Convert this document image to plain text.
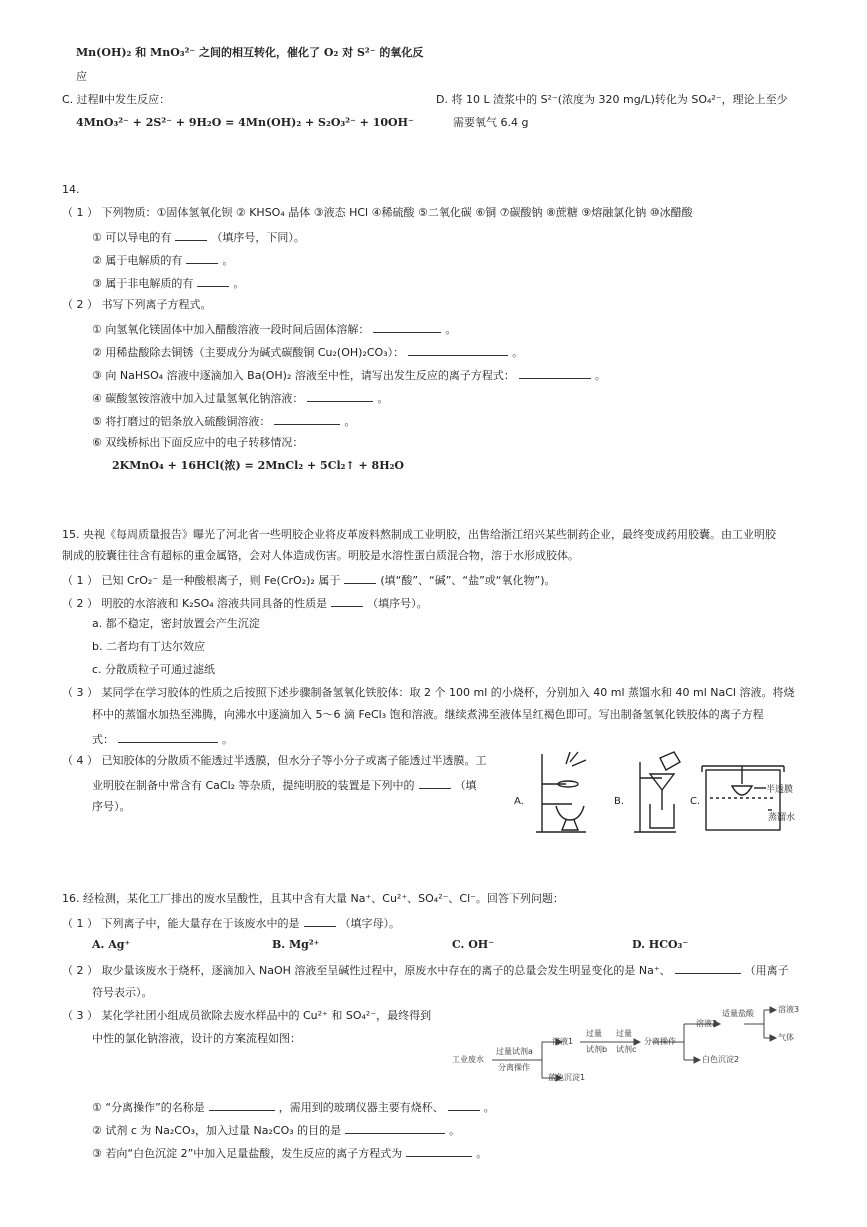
Mn(OH)₂ 和 MnO₃²⁻ 之间的相互转化，催化了 O₂ 对 S²⁻ 的氧化反
应
C. 过程Ⅱ中发生反应：
4MnO₃²⁻ + 2S²⁻ + 9H₂O = 4Mn(OH)₂ + S₂O₃²⁻ + 10OH⁻
D. 将 10 L 渣浆中的 S²⁻(浓度为 320 mg/L)转化为 SO₄²⁻，理论上至少
需要氧气 6.4 g
14.
（ 1 ） 下列物质：①固体氢氧化钡 ② KHSO₄ 晶体 ③液态 HCl ④稀硫酸 ⑤二氧化碳 ⑥铜 ⑦碳酸钠 ⑧蔗糖 ⑨熔融氯化钠 ⑩冰醋酸
① 可以导电的有	（填序号，下同）。
② 属于电解质的有	。
③ 属于非电解质的有	。
（ 2 ） 书写下列离子方程式。
① 向氢氧化镁固体中加入醋酸溶液一段时间后固体溶解：	。
② 用稀盐酸除去铜锈（主要成分为碱式碳酸铜 Cu₂(OH)₂CO₃）：	。
③ 向 NaHSO₄ 溶液中逐滴加入 Ba(OH)₂ 溶液至中性，请写出发生反应的离子方程式：	。
④ 碳酸氢铵溶液中加入过量氢氧化钠溶液：	。
⑤ 将打磨过的铝条放入硫酸铜溶液：	。
⑥ 双线桥标出下面反应中的电子转移情况：
2KMnO₄ + 16HCl(浓) = 2MnCl₂ + 5Cl₂↑ + 8H₂O
15. 央视《每周质量报告》曝光了河北省一些明胶企业将皮革废料熬制成工业明胶，出售给浙江绍兴某些制药企业，最终变成药用胶囊。由工业明胶
制成的胶囊往往含有超标的重金属铬，会对人体造成伤害。明胶是水溶性蛋白质混合物，溶于水形成胶体。
（ 1 ） 已知 CrO₂⁻ 是一种酸根离子，则 Fe(CrO₂)₂ 属于	(填“酸”、“碱”、“盐”或“氧化物”)。
（ 2 ） 明胶的水溶液和 K₂SO₄ 溶液共同具备的性质是	（填序号）。
a. 都不稳定，密封放置会产生沉淀
b. 二者均有丁达尔效应
c. 分散质粒子可通过滤纸
（ 3 ） 某同学在学习胶体的性质之后按照下述步骤制备氢氧化铁胶体：取 2 个 100 ml 的小烧杯，分别加入 40 ml 蒸馏水和 40 ml NaCl 溶液。将烧
杯中的蒸馏水加热至沸腾，向沸水中逐滴加入 5～6 滴 FeCl₃ 饱和溶液。继续煮沸至液体呈红褐色即可。写出制备氢氧化铁胶体的离子方程
式：	。
（ 4 ） 已知胶体的分散质不能透过半透膜，但水分子等小分子或离子能透过半透膜。工
业明胶在制备中常含有 CaCl₂ 等杂质，提纯明胶的装置是下列中的	（填
序号）。	A.	B.	C.
半透膜
蒸馏水
16. 经检测，某化工厂排出的废水呈酸性，且其中含有大量 Na⁺、Cu²⁺、SO₄²⁻、Cl⁻。回答下列问题：
（ 1 ） 下列离子中，能大量存在于该废水中的是	（填字母）。
A. Ag⁺	B. Mg²⁺	C. OH⁻	D. HCO₃⁻
（ 2 ） 取少量该废水于烧杯，逐滴加入 NaOH 溶液至呈碱性过程中，原废水中存在的离子的总量会发生明显变化的是 Na⁺、	（用离子
符号表示）。
（ 3 ） 某化学社团小组成员欲除去废水样品中的 Cu²⁺ 和 SO₄²⁻，最终得到
中性的氯化钠溶液，设计的方案流程如图：
工业废水
过量试剂a
分离操作
溶液1
蓝色沉淀1
过量
试剂b
过量
试剂c
分离操作
溶液2
适量盐酸
白色沉淀2
溶液3
气体
① “分离操作”的名称是	，需用到的玻璃仪器主要有烧杯、	。
② 试剂 c 为 Na₂CO₃，加入过量 Na₂CO₃ 的目的是	。
③ 若向“白色沉淀 2”中加入足量盐酸，发生反应的离子方程式为	。
